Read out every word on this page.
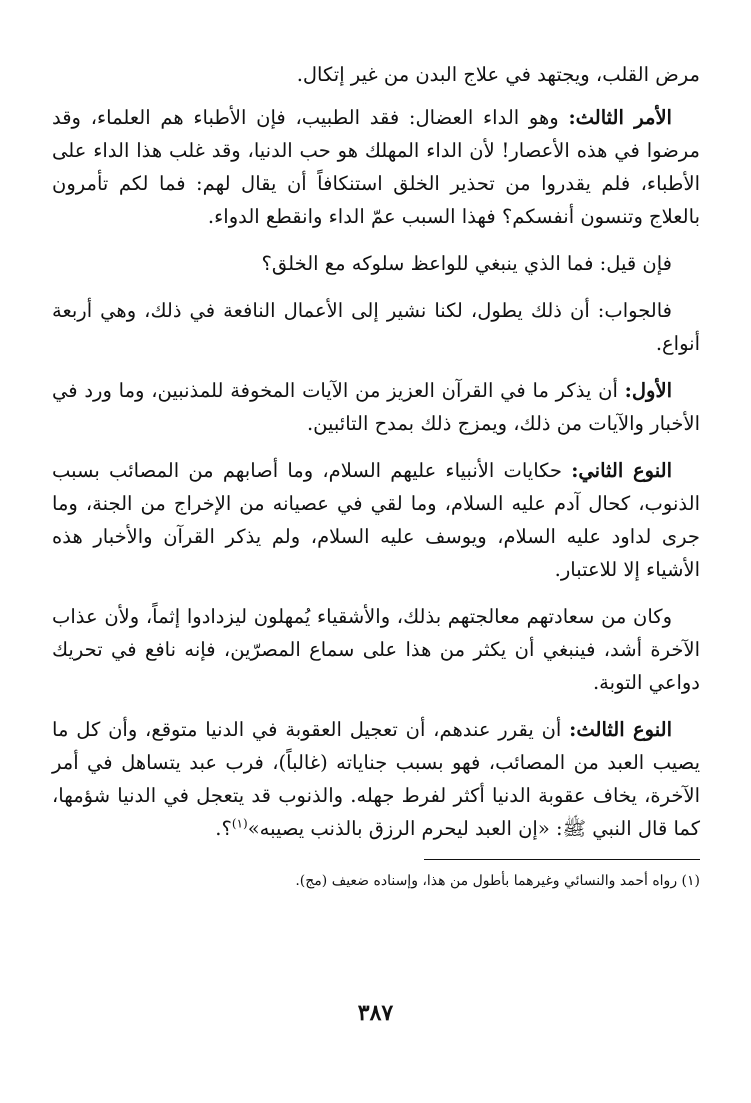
مرض القلب، ويجتهد في علاج البدن من غير إتكال.

الأمر الثالث: وهو الداء العضال: فقد الطبيب، فإن الأطباء هم العلماء، وقد مرضوا في هذه الأعصار! لأن الداء المهلك هو حب الدنيا، وقد غلب هذا الداء على الأطباء، فلم يقدروا من تحذير الخلق استنكافاً أن يقال لهم: فما لكم تأمرون بالعلاج وتنسون أنفسكم؟ فهذا السبب عمّ الداء وانقطع الدواء.

فإن قيل: فما الذي ينبغي للواعظ سلوكه مع الخلق؟

فالجواب: أن ذلك يطول، لكنا نشير إلى الأعمال النافعة في ذلك، وهي أربعة أنواع.

الأول: أن يذكر ما في القرآن العزيز من الآيات المخوفة للمذنبين، وما ورد في الأخبار والآيات من ذلك، ويمزج ذلك بمدح التائبين.

النوع الثاني: حكايات الأنبياء عليهم السلام، وما أصابهم من المصائب بسبب الذنوب، كحال آدم عليه السلام، وما لقي في عصيانه من الإخراج من الجنة، وما جرى لداود عليه السلام، ويوسف عليه السلام، ولم يذكر القرآن والأخبار هذه الأشياء إلا للاعتبار.

وكان من سعادتهم معالجتهم بذلك، والأشقياء يُمهلون ليزدادوا إثماً، ولأن عذاب الآخرة أشد، فينبغي أن يكثر من هذا على سماع المصرّين، فإنه نافع في تحريك دواعي التوبة.

النوع الثالث: أن يقرر عندهم، أن تعجيل العقوبة في الدنيا متوقع، وأن كل ما يصيب العبد من المصائب، فهو بسبب جناياته (غالباً)، فرب عبد يتساهل في أمر الآخرة، يخاف عقوبة الدنيا أكثر لفرط جهله. والذنوب قد يتعجل في الدنيا شؤمها، كما قال النبي ﷺ: «إن العبد ليحرم الرزق بالذنب يصيبه»$^{(١)}$؟.

(١) رواه أحمد والنسائي وغيرهما بأطول من هذا، وإسناده ضعيف (مج).

٣٨٧
